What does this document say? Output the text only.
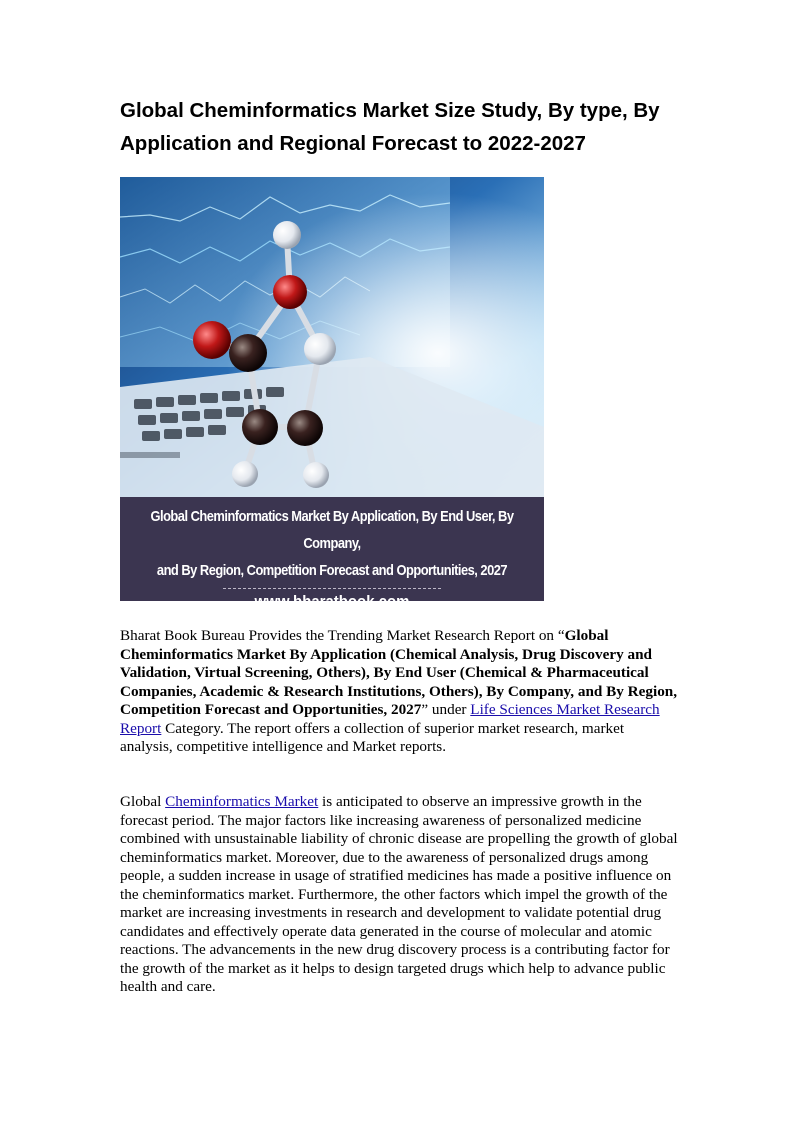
Global Cheminformatics Market Size Study, By type, By Application and Regional Forecast to 2022-2027
Global Cheminformatics Market By Application, By End User, By Company,
and By Region, Competition Forecast and Opportunities, 2027
www.bharatbook.com

Bharat Book Bureau Provides the Trending Market Research Report on “Global Cheminformatics Market By Application (Chemical Analysis, Drug Discovery and Validation, Virtual Screening, Others), By End User (Chemical & Pharmaceutical Companies, Academic & Research Institutions, Others), By Company, and By Region, Competition Forecast and Opportunities, 2027” under Life Sciences Market Research Report Category. The report offers a collection of superior market research, market analysis, competitive intelligence and Market reports.

Global Cheminformatics Market is anticipated to observe an impressive growth in the forecast period. The major factors like increasing awareness of personalized medicine combined with unsustainable liability of chronic disease are propelling the growth of global cheminformatics market. Moreover, due to the awareness of personalized drugs among people, a sudden increase in usage of stratified medicines has made a positive influence on the cheminformatics market. Furthermore, the other factors which impel the growth of the market are increasing investments in research and development to validate potential drug candidates and effectively operate data generated in the course of molecular and atomic reactions. The advancements in the new drug discovery process is a contributing factor for the growth of the market as it helps to design targeted drugs which help to advance public health and care.
